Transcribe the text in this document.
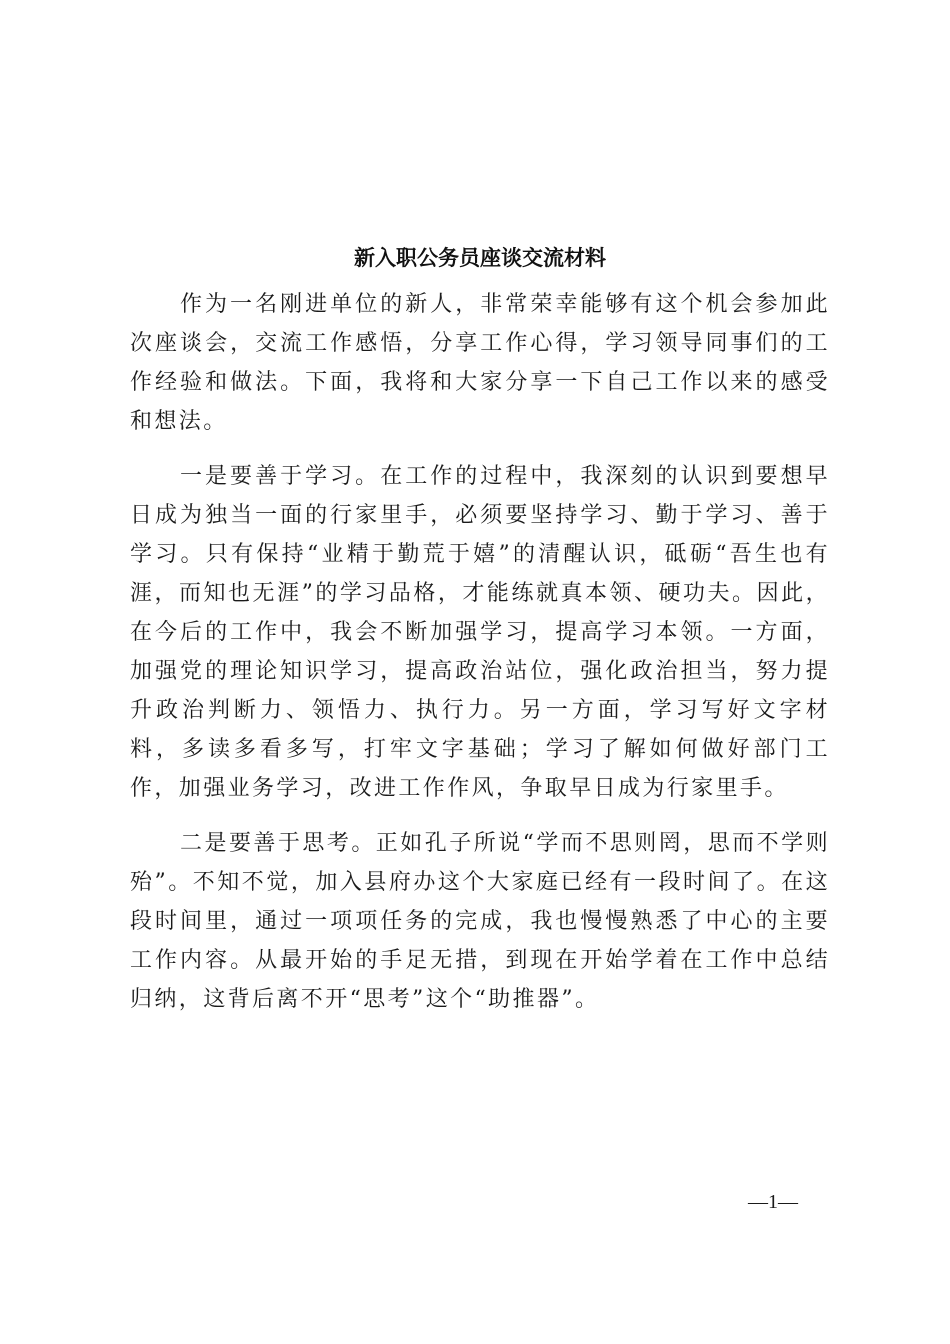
新入职公务员座谈交流材料

作为一名刚进单位的新人，非常荣幸能够有这个机会参加此次座谈会，交流工作感悟，分享工作心得，学习领导同事们的工作经验和做法。下面，我将和大家分享一下自己工作以来的感受和想法。

一是要善于学习。在工作的过程中，我深刻的认识到要想早日成为独当一面的行家里手，必须要坚持学习、勤于学习、善于学习。只有保持“业精于勤荒于嬉”的清醒认识，砥砺“吾生也有涯，而知也无涯”的学习品格，才能练就真本领、硬功夫。因此，在今后的工作中，我会不断加强学习，提高学习本领。一方面，加强党的理论知识学习，提高政治站位，强化政治担当，努力提升政治判断力、领悟力、执行力。另一方面，学习写好文字材料，多读多看多写，打牢文字基础；学习了解如何做好部门工作，加强业务学习，改进工作作风，争取早日成为行家里手。

二是要善于思考。正如孔子所说“学而不思则罔，思而不学则殆”。不知不觉，加入县府办这个大家庭已经有一段时间了。在这段时间里，通过一项项任务的完成，我也慢慢熟悉了中心的主要工作内容。从最开始的手足无措，到现在开始学着在工作中总结归纳，这背后离不开“思考”这个“助推器”。

—1—
